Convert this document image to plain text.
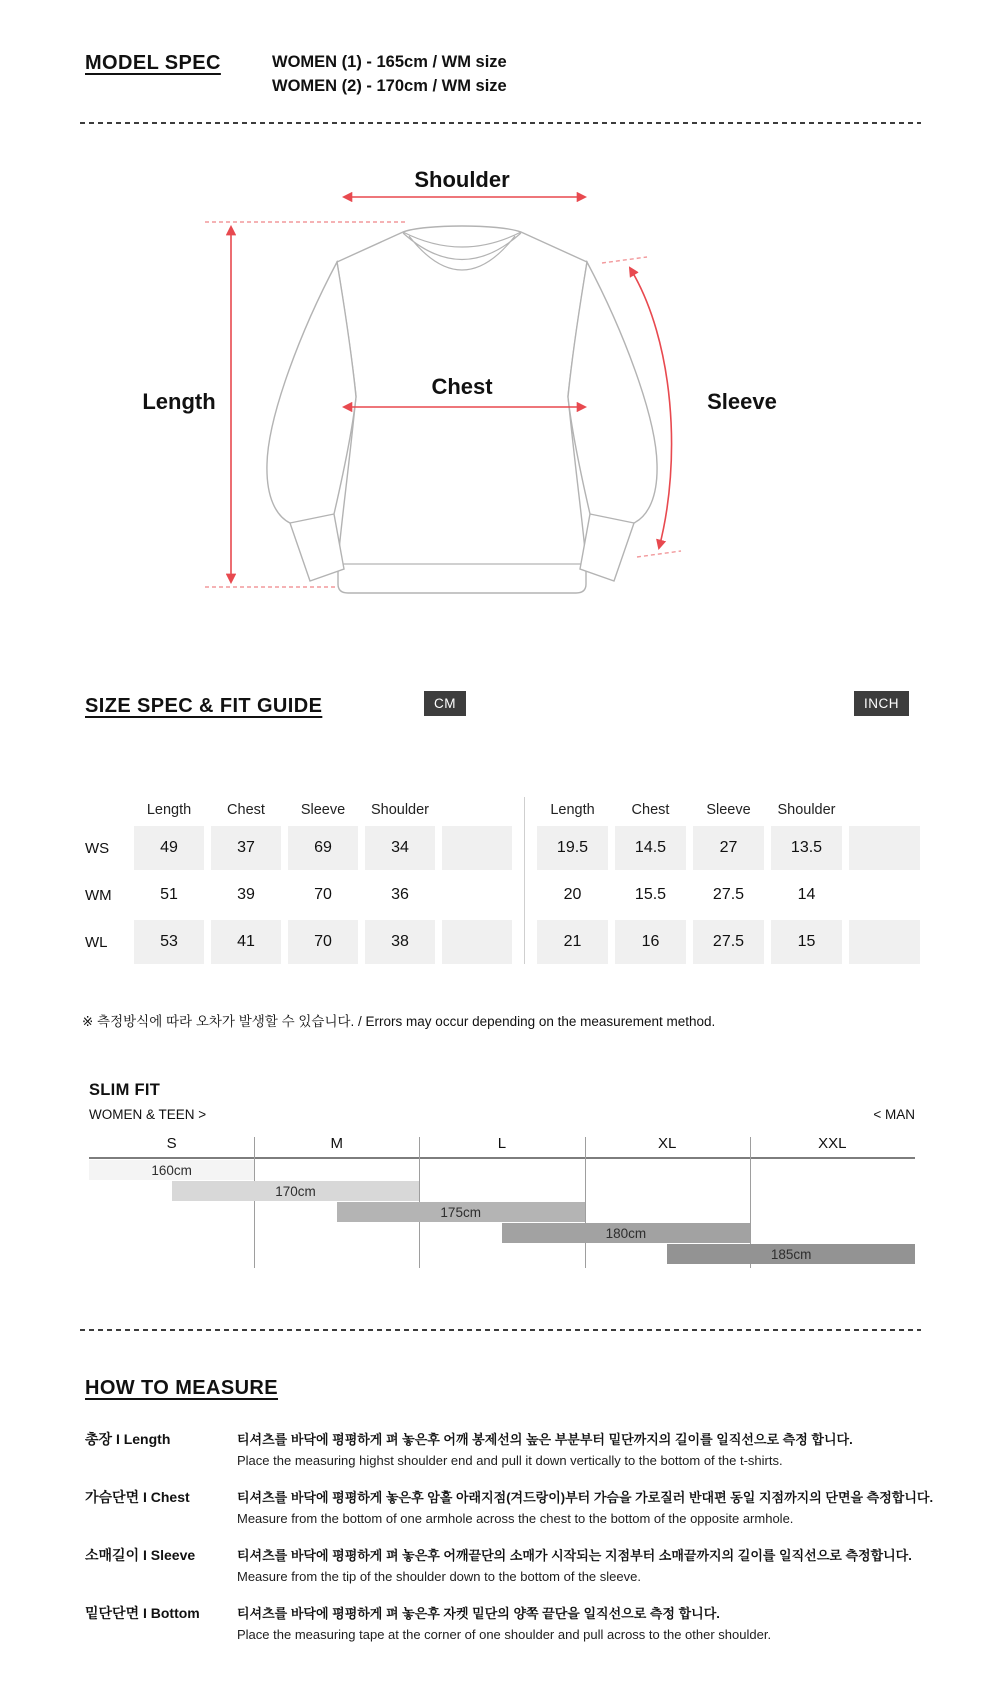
MODEL SPEC	WOMEN (1) - 165cm / WM size
WOMEN (2) - 170cm / WM size
Shoulder
Length
Chest
Sleeve
SIZE SPEC & FIT GUIDE	CM	INCH
Length	Chest	Sleeve	Shoulder
WS	49	37	69	34
WM	51	39	70	36
WL	53	41	70	38
Length	Chest	Sleeve	Shoulder
19.5	14.5	27	13.5
20	15.5	27.5	14
21	16	27.5	15
※ 측정방식에 따라 오차가 발생할 수 있습니다. / Errors may occur depending on the measurement method.
SLIM FIT
WOMEN & TEEN >	< MAN
S	M	L	XL	XXL
160cm
170cm
175cm
180cm
185cm
HOW TO MEASURE
총장 I Length	티셔츠를 바닥에 평평하게 펴 놓은후 어깨 봉제선의 높은 부분부터 밑단까지의 길이를 일직선으로 측정 합니다.
Place the measuring highst shoulder end and pull it down vertically to the bottom of the t-shirts.
가슴단면 I Chest	티셔츠를 바닥에 평평하게 놓은후 암홀 아래지점(겨드랑이)부터 가슴을 가로질러 반대편 동일 지점까지의 단면을 측정합니다.
Measure from the bottom of one armhole across the chest to the bottom of the opposite armhole.
소매길이 I Sleeve	티셔츠를 바닥에 평평하게 펴 놓은후 어깨끝단의 소매가 시작되는 지점부터 소매끝까지의 길이를 일직선으로 측정합니다.
Measure from the tip of the shoulder down to the bottom of the sleeve.
밑단단면 I Bottom	티셔츠를 바닥에 평평하게 펴 놓은후 자켓 밑단의 양쪽 끝단을 일직선으로 측정 합니다.
Place the measuring tape at the corner of one shoulder and pull across to the other shoulder.
